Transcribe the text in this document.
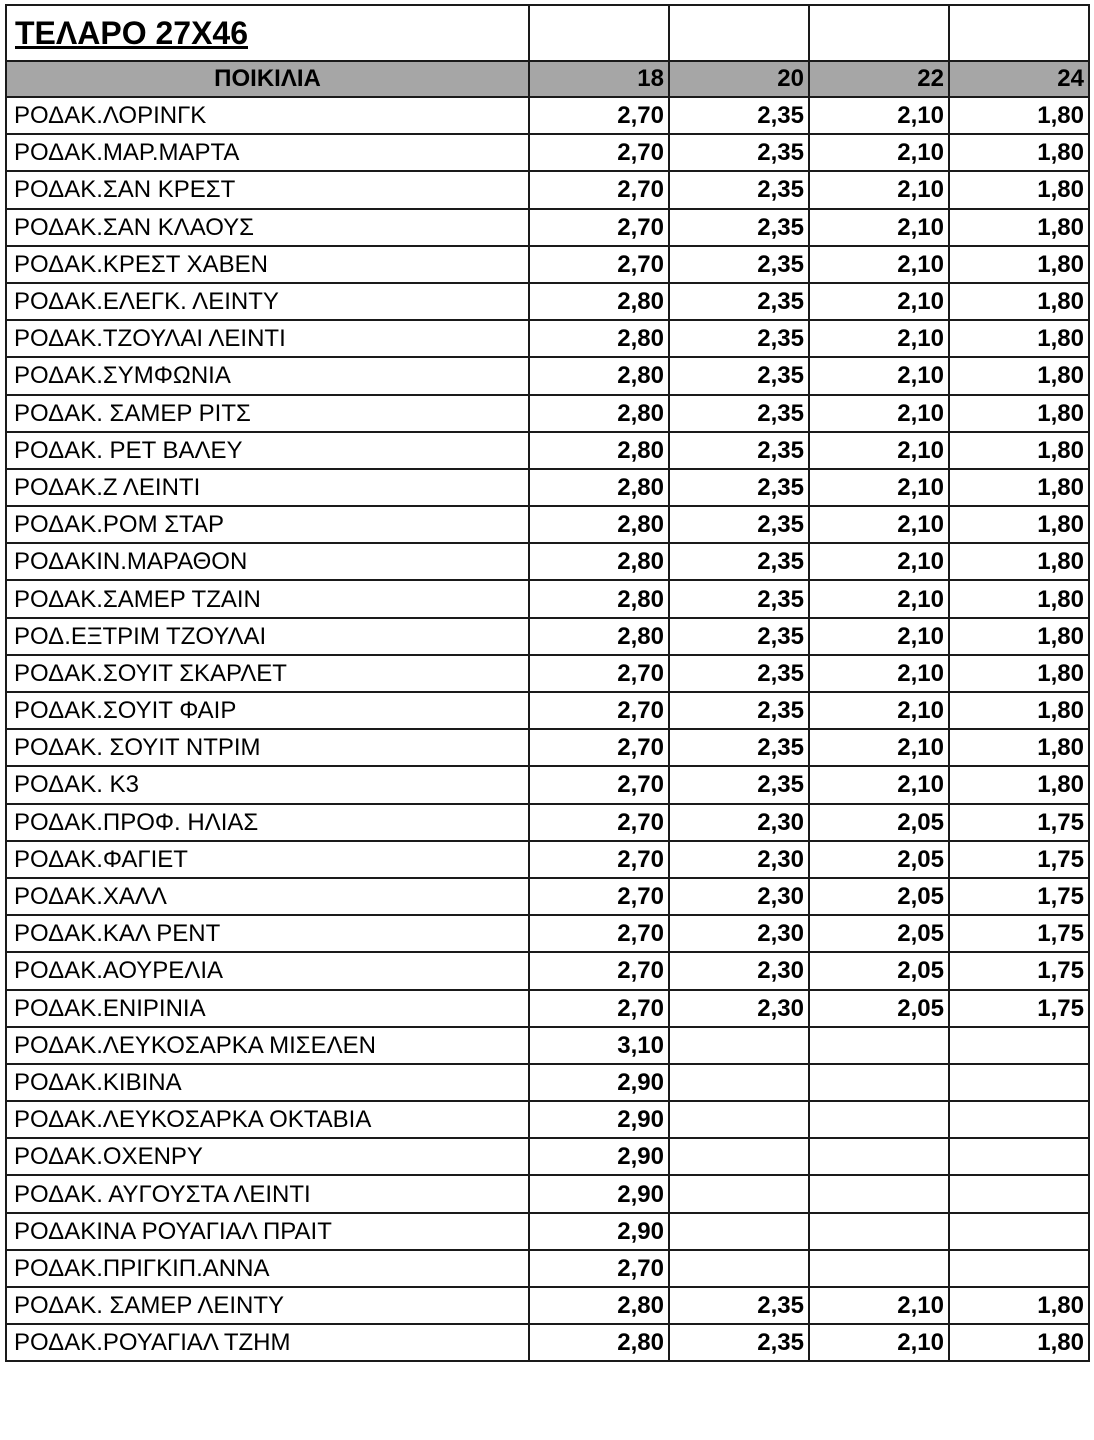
ΤΕΛΑΡΟ 27Χ46				
ΠΟΙΚΙΛΙΑ	18	20	22	24
ΡΟΔΑΚ.ΛΟΡΙΝΓΚ	2,70	2,35	2,10	1,80
ΡΟΔΑΚ.ΜΑΡ.ΜΑΡΤΑ	2,70	2,35	2,10	1,80
ΡΟΔΑΚ.ΣΑΝ ΚΡΕΣΤ	2,70	2,35	2,10	1,80
ΡΟΔΑΚ.ΣΑΝ ΚΛΑΟΥΣ	2,70	2,35	2,10	1,80
ΡΟΔΑΚ.ΚΡΕΣΤ ΧΑΒΕΝ	2,70	2,35	2,10	1,80
ΡΟΔΑΚ.ΕΛΕΓΚ. ΛΕΙΝΤΥ	2,80	2,35	2,10	1,80
ΡΟΔΑΚ.ΤΖΟΥΛΑΙ ΛΕΙΝΤΙ	2,80	2,35	2,10	1,80
ΡΟΔΑΚ.ΣΥΜΦΩΝΙΑ	2,80	2,35	2,10	1,80
ΡΟΔΑΚ. ΣΑΜΕΡ ΡΙΤΣ	2,80	2,35	2,10	1,80
ΡΟΔΑΚ. ΡΕΤ ΒΑΛΕΥ	2,80	2,35	2,10	1,80
ΡΟΔΑΚ.Ζ ΛΕΙΝΤΙ	2,80	2,35	2,10	1,80
ΡΟΔΑΚ.ΡΟΜ ΣΤΑΡ	2,80	2,35	2,10	1,80
ΡΟΔΑΚΙΝ.ΜΑΡΑΘΟΝ	2,80	2,35	2,10	1,80
ΡΟΔΑΚ.ΣΑΜΕΡ ΤΖΑΙΝ	2,80	2,35	2,10	1,80
ΡΟΔ.ΕΞΤΡΙΜ ΤΖΟΥΛΑΙ	2,80	2,35	2,10	1,80
ΡΟΔΑΚ.ΣΟΥΙΤ ΣΚΑΡΛΕΤ	2,70	2,35	2,10	1,80
ΡΟΔΑΚ.ΣΟΥΙΤ ΦΑΙΡ	2,70	2,35	2,10	1,80
ΡΟΔΑΚ. ΣΟΥΙΤ ΝΤΡΙΜ	2,70	2,35	2,10	1,80
ΡΟΔΑΚ. Κ3	2,70	2,35	2,10	1,80
ΡΟΔΑΚ.ΠΡΟΦ. ΗΛΙΑΣ	2,70	2,30	2,05	1,75
ΡΟΔΑΚ.ΦΑΓΙΕΤ	2,70	2,30	2,05	1,75
ΡΟΔΑΚ.ΧΑΛΛ	2,70	2,30	2,05	1,75
ΡΟΔΑΚ.ΚΑΛ ΡΕΝΤ	2,70	2,30	2,05	1,75
ΡΟΔΑΚ.ΑΟΥΡΕΛΙΑ	2,70	2,30	2,05	1,75
ΡΟΔΑΚ.ΕΝΙΡΙΝΙΑ	2,70	2,30	2,05	1,75
ΡΟΔΑΚ.ΛΕΥΚΟΣΑΡΚΑ ΜΙΣΕΛΕΝ	3,10			
ΡΟΔΑΚ.ΚΙΒΙΝΑ	2,90			
ΡΟΔΑΚ.ΛΕΥΚΟΣΑΡΚΑ ΟΚΤΑΒΙΑ	2,90			
ΡΟΔΑΚ.ΟΧΕΝΡΥ	2,90			
ΡΟΔΑΚ. ΑΥΓΟΥΣΤΑ ΛΕΙΝΤΙ	2,90			
ΡΟΔΑΚΙΝΑ ΡΟΥΑΓΙΑΛ ΠΡΑΙΤ	2,90			
ΡΟΔΑΚ.ΠΡΙΓΚΙΠ.ΑΝΝΑ	2,70			
ΡΟΔΑΚ. ΣΑΜΕΡ ΛΕΙΝΤΥ	2,80	2,35	2,10	1,80
ΡΟΔΑΚ.ΡΟΥΑΓΙΑΛ ΤΖΗΜ	2,80	2,35	2,10	1,80
